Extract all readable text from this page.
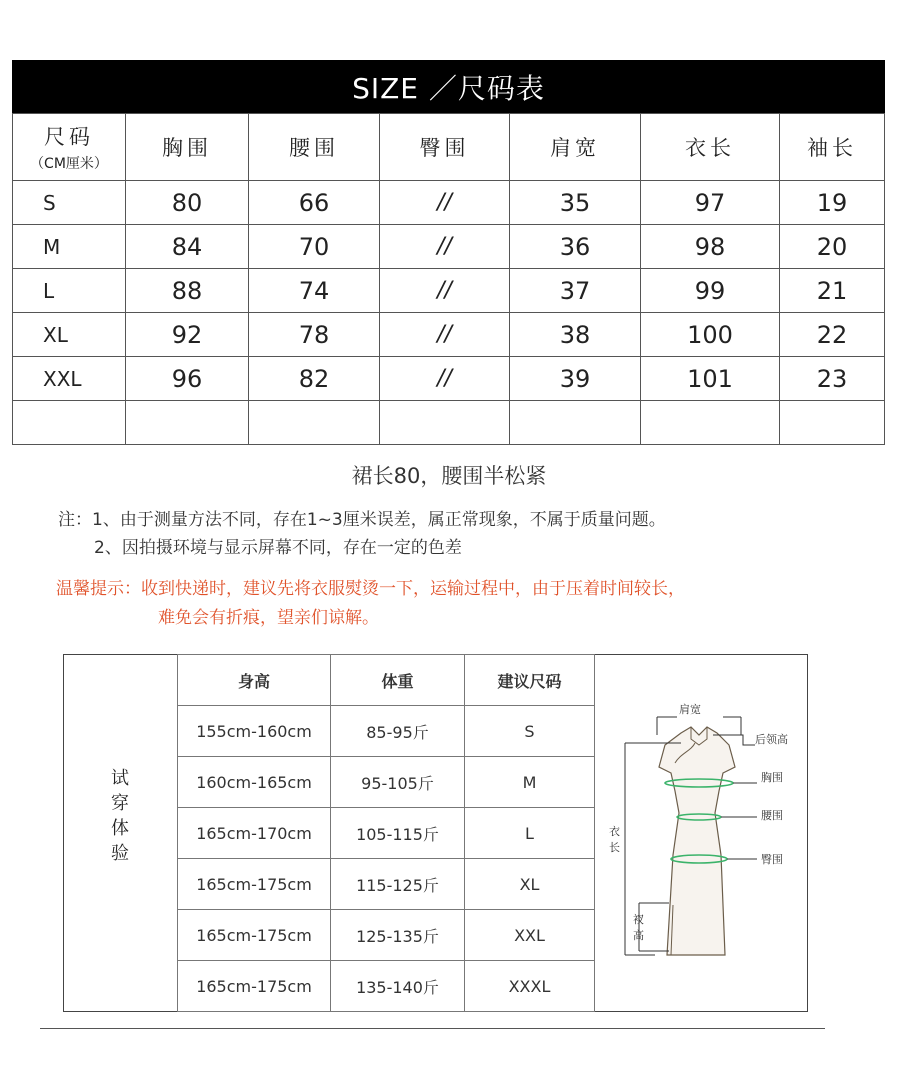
SIZE ／尺码表
尺码
（CM厘米）	胸围	腰围	臀围	肩宽	衣长	袖长

S	80	66	//	35	97	19
M	84	70	//	36	98	20
L	88	74	//	37	99	21
XL	92	78	//	38	100	22
XXL	96	82	//	39	101	23

裙长80，腰围半松紧
注：1、由于测量方法不同，存在1~3厘米误差，属正常现象，不属于质量问题。
2、因拍摄环境与显示屏幕不同，存在一定的色差
温馨提示：收到快递时，建议先将衣服熨烫一下，运输过程中，由于压着时间较长，
难免会有折痕，望亲们谅解。
试
穿
体
验
身高	体重	建议尺码
155cm-160cm	85-95斤	S
160cm-165cm	95-105斤	M
165cm-170cm	105-115斤	L
165cm-175cm	115-125斤	XL
165cm-175cm	125-135斤	XXL
165cm-175cm	135-140斤	XXXL
肩宽
后领高
胸围
腰围
臀围
衣
长
衩
高
